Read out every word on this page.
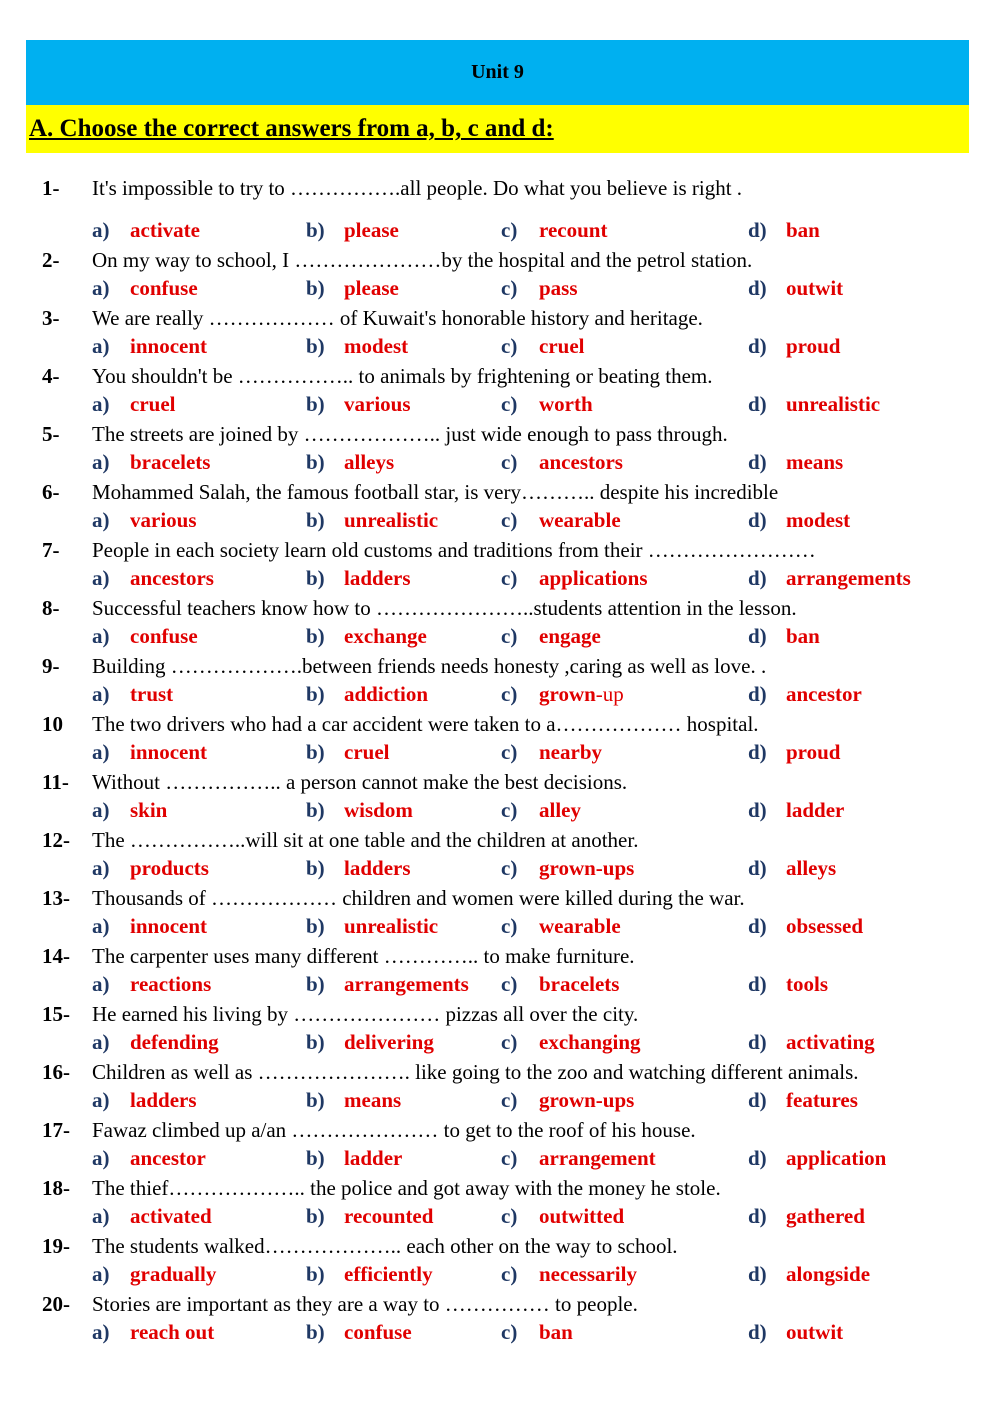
Unit 9
A. Choose the correct answers from a, b, c and d:
1- It's impossible to try to …………….all people. Do what you believe is right .
a) activate	b) please	c) recount	d) ban
2- On my way to school, I …………………by the hospital and the petrol station.
a) confuse	b) please	c) pass	d) outwit
3- We are really ……………… of Kuwait's honorable history and heritage.
a) innocent	b) modest	c) cruel	d) proud
4- You shouldn't be …………….. to animals by frightening or beating them.
a) cruel	b) various	c) worth	d) unrealistic
5- The streets are joined by ……………….. just wide enough to pass through.
a) bracelets	b) alleys	c) ancestors	d) means
6- Mohammed Salah, the famous football star, is very……….. despite his incredible
a) various	b) unrealistic	c) wearable	d) modest
7- People in each society learn old customs and traditions from their ……………………
a) ancestors	b) ladders	c) applications	d) arrangements
8- Successful teachers know how to …………………..students attention in the lesson.
a) confuse	b) exchange	c) engage	d) ban
9- Building ……………….between friends needs honesty ,caring as well as love. .
a) trust	b) addiction	c) grown-up	d) ancestor
10 The two drivers who had a car accident were taken to a……………… hospital.
a) innocent	b) cruel	c) nearby	d) proud
11- Without …………….. a person cannot make the best decisions.
a) skin	b) wisdom	c) alley	d) ladder
12- The ……………..will sit at one table and the children at another.
a) products	b) ladders	c) grown-ups	d) alleys
13- Thousands of ……………… children and women were killed during the war.
a) innocent	b) unrealistic	c) wearable	d) obsessed
14- The carpenter uses many different ………….. to make furniture.
a) reactions	b) arrangements c) bracelets	d) tools
15- He earned his living by ………………… pizzas all over the city.
a) defending	b) delivering	c) exchanging	d) activating
16- Children as well as …………………. like going to the zoo and watching different animals.
a) ladders	b) means	c) grown-ups	d) features
17- Fawaz climbed up a/an ………………… to get to the roof of his house.
a) ancestor	b) ladder	c) arrangement	d) application
18- The thief……………….. the police and got away with the money he stole.
a) activated	b) recounted	c) outwitted	d) gathered
19- The students walked……………….. each other on the way to school.
a) gradually	b) efficiently	c) necessarily	d) alongside
20- Stories are important as they are a way to …………… to people.
a) reach out	b) confuse	c) ban	d) outwit
